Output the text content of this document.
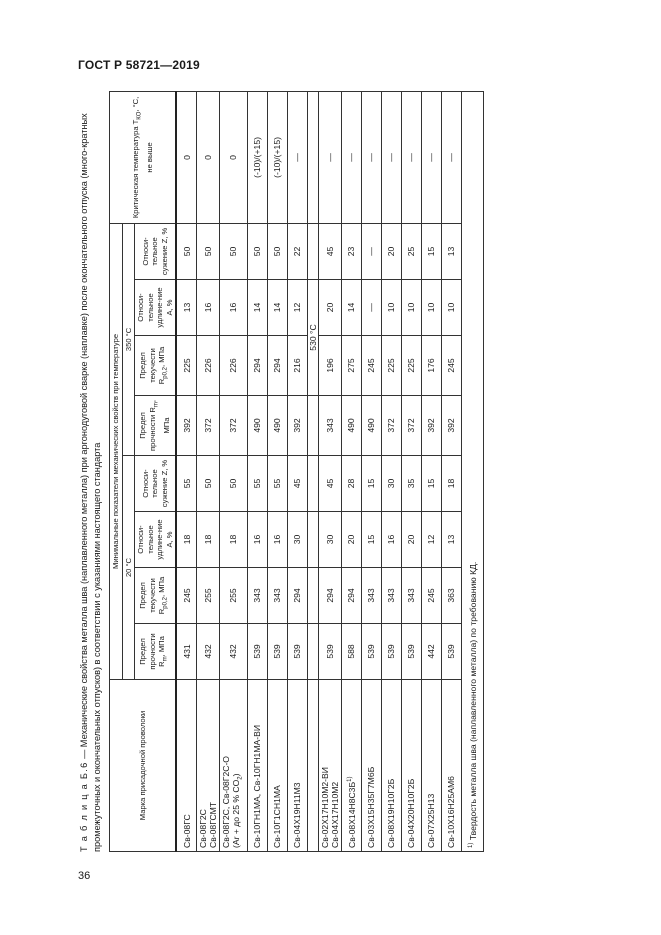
ГОСТ Р 58721—2019
36

Т а б л и ц а Б.6 — Механические свойства металла шва (наплавленного металла) при аргонодуговой сварке (наплавке) после окончательного отпуска (много-кратных промежуточных и окончательных отпусков) в соответствии с указаниями настоящего стандарта	Марка присадочной проволоки	Минимальные показатели механических свойств при температуре								Критическая температура $Т_{КО}$, °С, не выше
	20 °С				350 °С				
	Предел прочности $R_m$, МПа	Предел текучести $R_{p0,2}$, МПа	Относи-тельное удлине-ние А, %	Относи-тельное сужение Z, %	Предел прочности $R_m$, МПа	Предел текучести $R_{p0,2}$, МПа	Относи-тельное удлине-ние А, %	Относи-тельное сужение Z, %	
Св-08ГС	431	245	18	55	392	225	13	50	0
Св-08Г2С
Св-08ГСМТ	432	255	18	50	372	226	16	50	0
Св-08Г2С, Св-08Г2С-О
(Ar + до 25 % $CO_2$)	432	255	18	50	372	226	16	50	0
Св-10ГН1МА, Св-10ГН1МА-ВИ	539	343	16	55	490	294	14	50	(-10)/(+15)
Св-10Г1СН1МА	539	343	16	55	490	294	14	50	(-10)/(+15)
Св-04Х19Н11М3	539	294	30	45	392	216	12	22	—
						530 °С			
Св-02Х17Н10М2-ВИ
Св-04Х17Н10М2	539	294	30	45	343	196	20	45	—
$Св-08Х14Н8С3Б^{1)}$	588	294	20	28	490	275	14	23	—
Св-03Х15Н35Г7М6Б	539	343	15	15	490	245	—	—	—
Св-08Х19Н10Г2Б	539	343	16	30	372	225	10	20	—
Св-04Х20Н10Г2Б	539	343	20	35	372	225	10	25	—
Св-07Х25Н13	442	245	12	15	392	176	10	15	—
Св-10Х16Н25АМ6	539	363	13	18	392	245	10	13	—
$^{1)}$ Твердость металла шва (наплавленного металла) по требованию КД.									
